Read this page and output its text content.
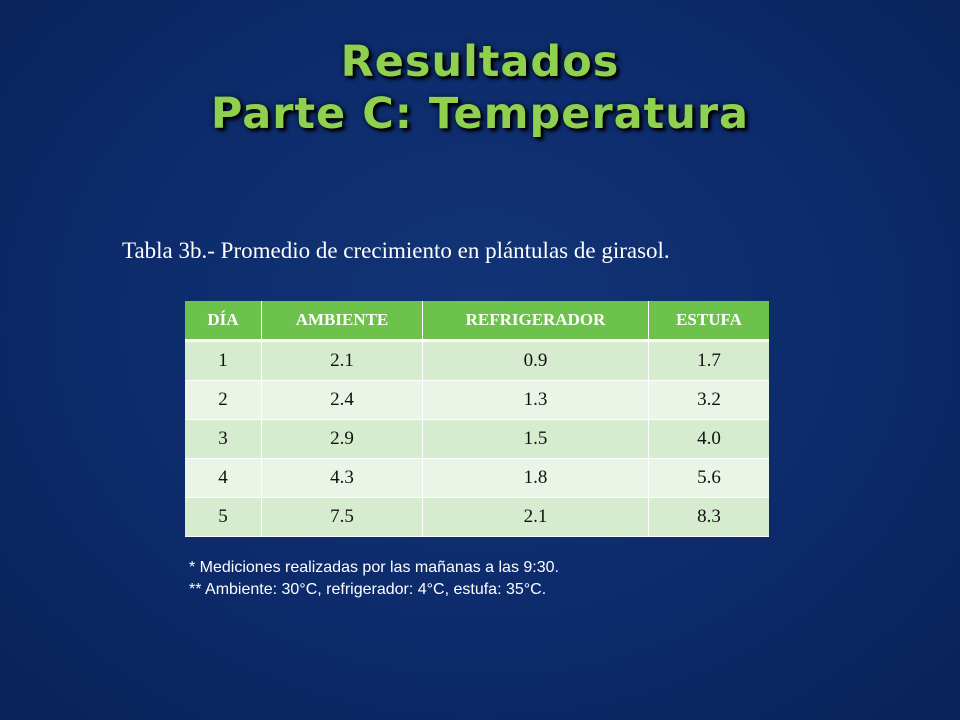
Resultados
Parte C: Temperatura
Tabla 3b.- Promedio de crecimiento en plántulas de girasol.
DÍA	AMBIENTE	REFRIGERADOR	ESTUFA
1	2.1	0.9	1.7
2	2.4	1.3	3.2
3	2.9	1.5	4.0
4	4.3	1.8	5.6
5	7.5	2.1	8.3
* Mediciones realizadas por las mañanas a las 9:30.
** Ambiente: 30°C, refrigerador: 4°C, estufa: 35°C.
